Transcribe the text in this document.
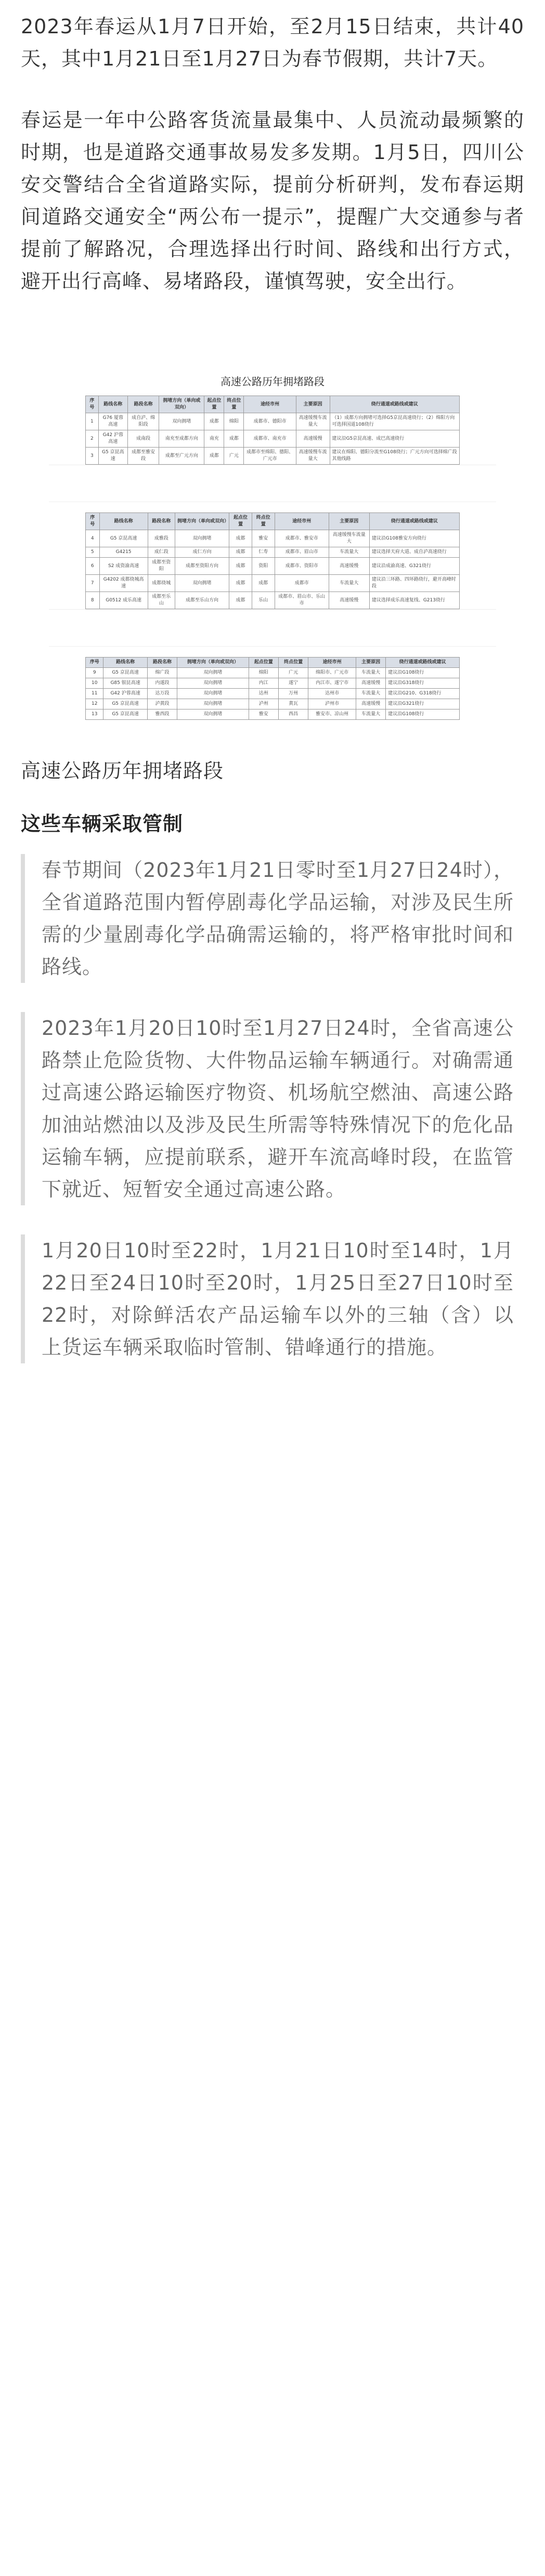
2023年春运从1月7日开始，至2月15日结束，共计40天，其中1月21日至1月27日为春节假期，共计7天。

春运是一年中公路客货流量最集中、人员流动最频繁的时期，也是道路交通事故易发多发期。1月5日，四川公安交警结合全省道路实际，提前分析研判，发布春运期间道路交通安全“两公布一提示”，提醒广大交通参与者提前了解路况，合理选择出行时间、路线和出行方式，避开出行高峰、易堵路段，谨慎驾驶，安全出行。

高速公路历年拥堵路段
序号	路线名称	路段名称	拥堵方向（单向或双向）	起点位置	终点位置	途经市州	主要原因	绕行通道或路线或建议
1	G76 厦蓉高速	成自泸、绵阳段	双向拥堵	成都	绵阳	成都市、德阳市	高速缓慢车流量大	（1）成都方向拥堵可选择G5京昆高速绕行；（2）绵阳方向可选择国道108绕行
2	G42 沪蓉高速	成南段	南充至成都方向	南充	成都	成都市、南充市	高速缓慢	建议沿G5京昆高速、成巴高速绕行
3	G5 京昆高速	成都至雅安段	成都至广元方向	成都	广元	成都市至绵阳、德阳、广元市	高速缓慢车流量大	建议在绵阳、德阳分流至G108绕行；广元方向可选择绵广段其他线路
序号	路线名称	路段名称	拥堵方向（单向或双向）	起点位置	终点位置	途经市州	主要原因	绕行通道或路线或建议
4	G5 京昆高速	成雅段	双向拥堵	成都	雅安	成都市、雅安市	高速缓慢车流量大	建议沿G108雅安方向绕行
5	G4215	成仁段	成仁方向	成都	仁寿	成都市、眉山市	车流量大	建议选择天府大道、成自泸高速绕行
6	S2 成资渝高速	成都至资阳	成都至资阳方向	成都	资阳	成都市、资阳市	高速缓慢	建议沿成渝高速、G321绕行
7	G4202 成都绕城高速	成都绕城	双向拥堵	成都	成都	成都市	车流量大	建议沿三环路、四环路绕行，避开高峰时段
8	G0512 成乐高速	成都至乐山	成都至乐山方向	成都	乐山	成都市、眉山市、乐山市	高速缓慢	建议选择成乐高速复线、G213绕行
序号	路线名称	路段名称	拥堵方向（单向或双向）	起点位置	终点位置	途经市州	主要原因	绕行通道或路线或建议
9	G5 京昆高速	绵广段	双向拥堵	绵阳	广元	绵阳市、广元市	车流量大	建议沿G108绕行
10	G85 银昆高速	内遂段	双向拥堵	内江	遂宁	内江市、遂宁市	高速缓慢	建议沿G318绕行
11	G42 沪蓉高速	达万段	双向拥堵	达州	万州	达州市	车流量大	建议沿G210、G318绕行
12	G5 京昆高速	泸黄段	双向拥堵	泸州	黄瓦	泸州市	高速缓慢	建议沿G321绕行
13	G5 京昆高速	雅西段	双向拥堵	雅安	西昌	雅安市、凉山州	车流量大	建议沿G108绕行

高速公路历年拥堵路段

这些车辆采取管制
春节期间（2023年1月21日零时至1月27日24时），全省道路范围内暂停剧毒化学品运输，对涉及民生所需的少量剧毒化学品确需运输的，将严格审批时间和路线。
2023年1月20日10时至1月27日24时，全省高速公路禁止危险货物、大件物品运输车辆通行。对确需通过高速公路运输医疗物资、机场航空燃油、高速公路加油站燃油以及涉及民生所需等特殊情况下的危化品运输车辆，应提前联系，避开车流高峰时段，在监管下就近、短暂安全通过高速公路。
1月20日10时至22时，1月21日10时至14时，1月22日至24日10时至20时，1月25日至27日10时至22时，对除鲜活农产品运输车以外的三轴（含）以上货运车辆采取临时管制、错峰通行的措施。
